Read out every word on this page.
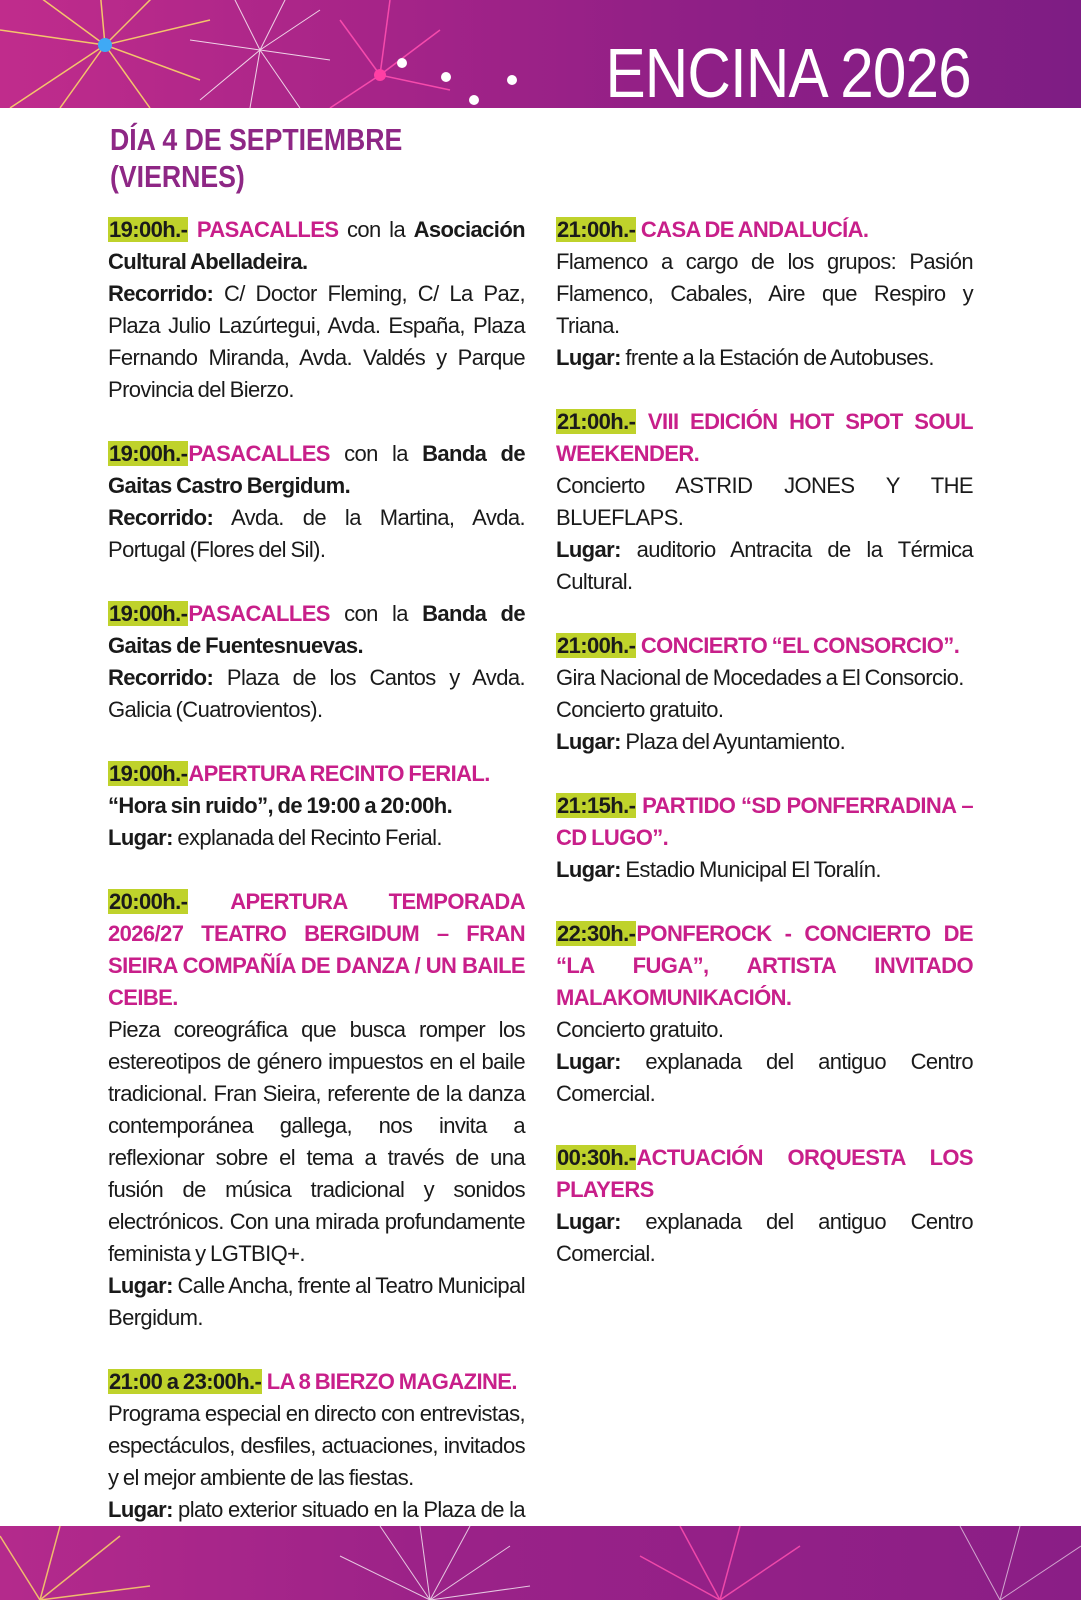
ENCINA 2026
DÍA 4 DE SEPTIEMBRE
(VIERNES)

19:00h.- PASACALLES con la Asociación Cultural Abelladeira.

Recorrido: C/ Doctor Fleming, C/ La Paz, Plaza Julio Lazúrtegui, Avda. España, Plaza Fernando Miranda, Avda. Valdés y Parque Provincia del Bierzo.

19:00h.-PASACALLES con la Banda de Gaitas Castro Bergidum.

Recorrido: Avda. de la Martina, Avda. Portugal (Flores del Sil).

19:00h.-PASACALLES con la Banda de Gaitas de Fuentesnuevas.

Recorrido: Plaza de los Cantos y Avda. Galicia (Cuatrovientos).

19:00h.-APERTURA RECINTO FERIAL.

“Hora sin ruido”, de 19:00 a 20:00h.

Lugar: explanada del Recinto Ferial.

20:00h.- APERTURA TEMPORADA 2026/27 TEATRO BERGIDUM – FRAN SIEIRA COMPAÑÍA DE DANZA / UN BAILE CEIBE.

Pieza coreográfica que busca romper los estereotipos de género impuestos en el baile tradicional. Fran Sieira, referente de la danza contemporánea gallega, nos invita a reflexionar sobre el tema a través de una fusión de música tradicional y sonidos electrónicos. Con una mirada profundamente feminista y LGTBIQ+.

Lugar: Calle Ancha, frente al Teatro Municipal Bergidum.

21:00 a 23:00h.- LA 8 BIERZO MAGAZINE.

Programa especial en directo con entrevistas, espectáculos, desfiles, actuaciones, invitados y el mejor ambiente de las fiestas.

Lugar: plato exterior situado en la Plaza de la

21:00h.- CASA DE ANDALUCÍA.

Flamenco a cargo de los grupos: Pasión Flamenco, Cabales, Aire que Respiro y Triana.

Lugar: frente a la Estación de Autobuses.

21:00h.- VIII EDICIÓN HOT SPOT SOUL WEEKENDER.

Concierto ASTRID JONES Y THE BLUEFLAPS.

Lugar: auditorio Antracita de la Térmica Cultural.

21:00h.- CONCIERTO “EL CONSORCIO”.

Gira Nacional de Mocedades a El Consorcio.

Concierto gratuito.

Lugar: Plaza del Ayuntamiento.

21:15h.- PARTIDO “SD PONFERRADINA – CD LUGO”.

Lugar: Estadio Municipal El Toralín.

22:30h.-PONFEROCK - CONCIERTO DE “LA FUGA”, ARTISTA INVITADO MALAKOMUNIKACIÓN.

Concierto gratuito.

Lugar: explanada del antiguo Centro Comercial.

00:30h.-ACTUACIÓN ORQUESTA LOS PLAYERS

Lugar: explanada del antiguo Centro Comercial.
